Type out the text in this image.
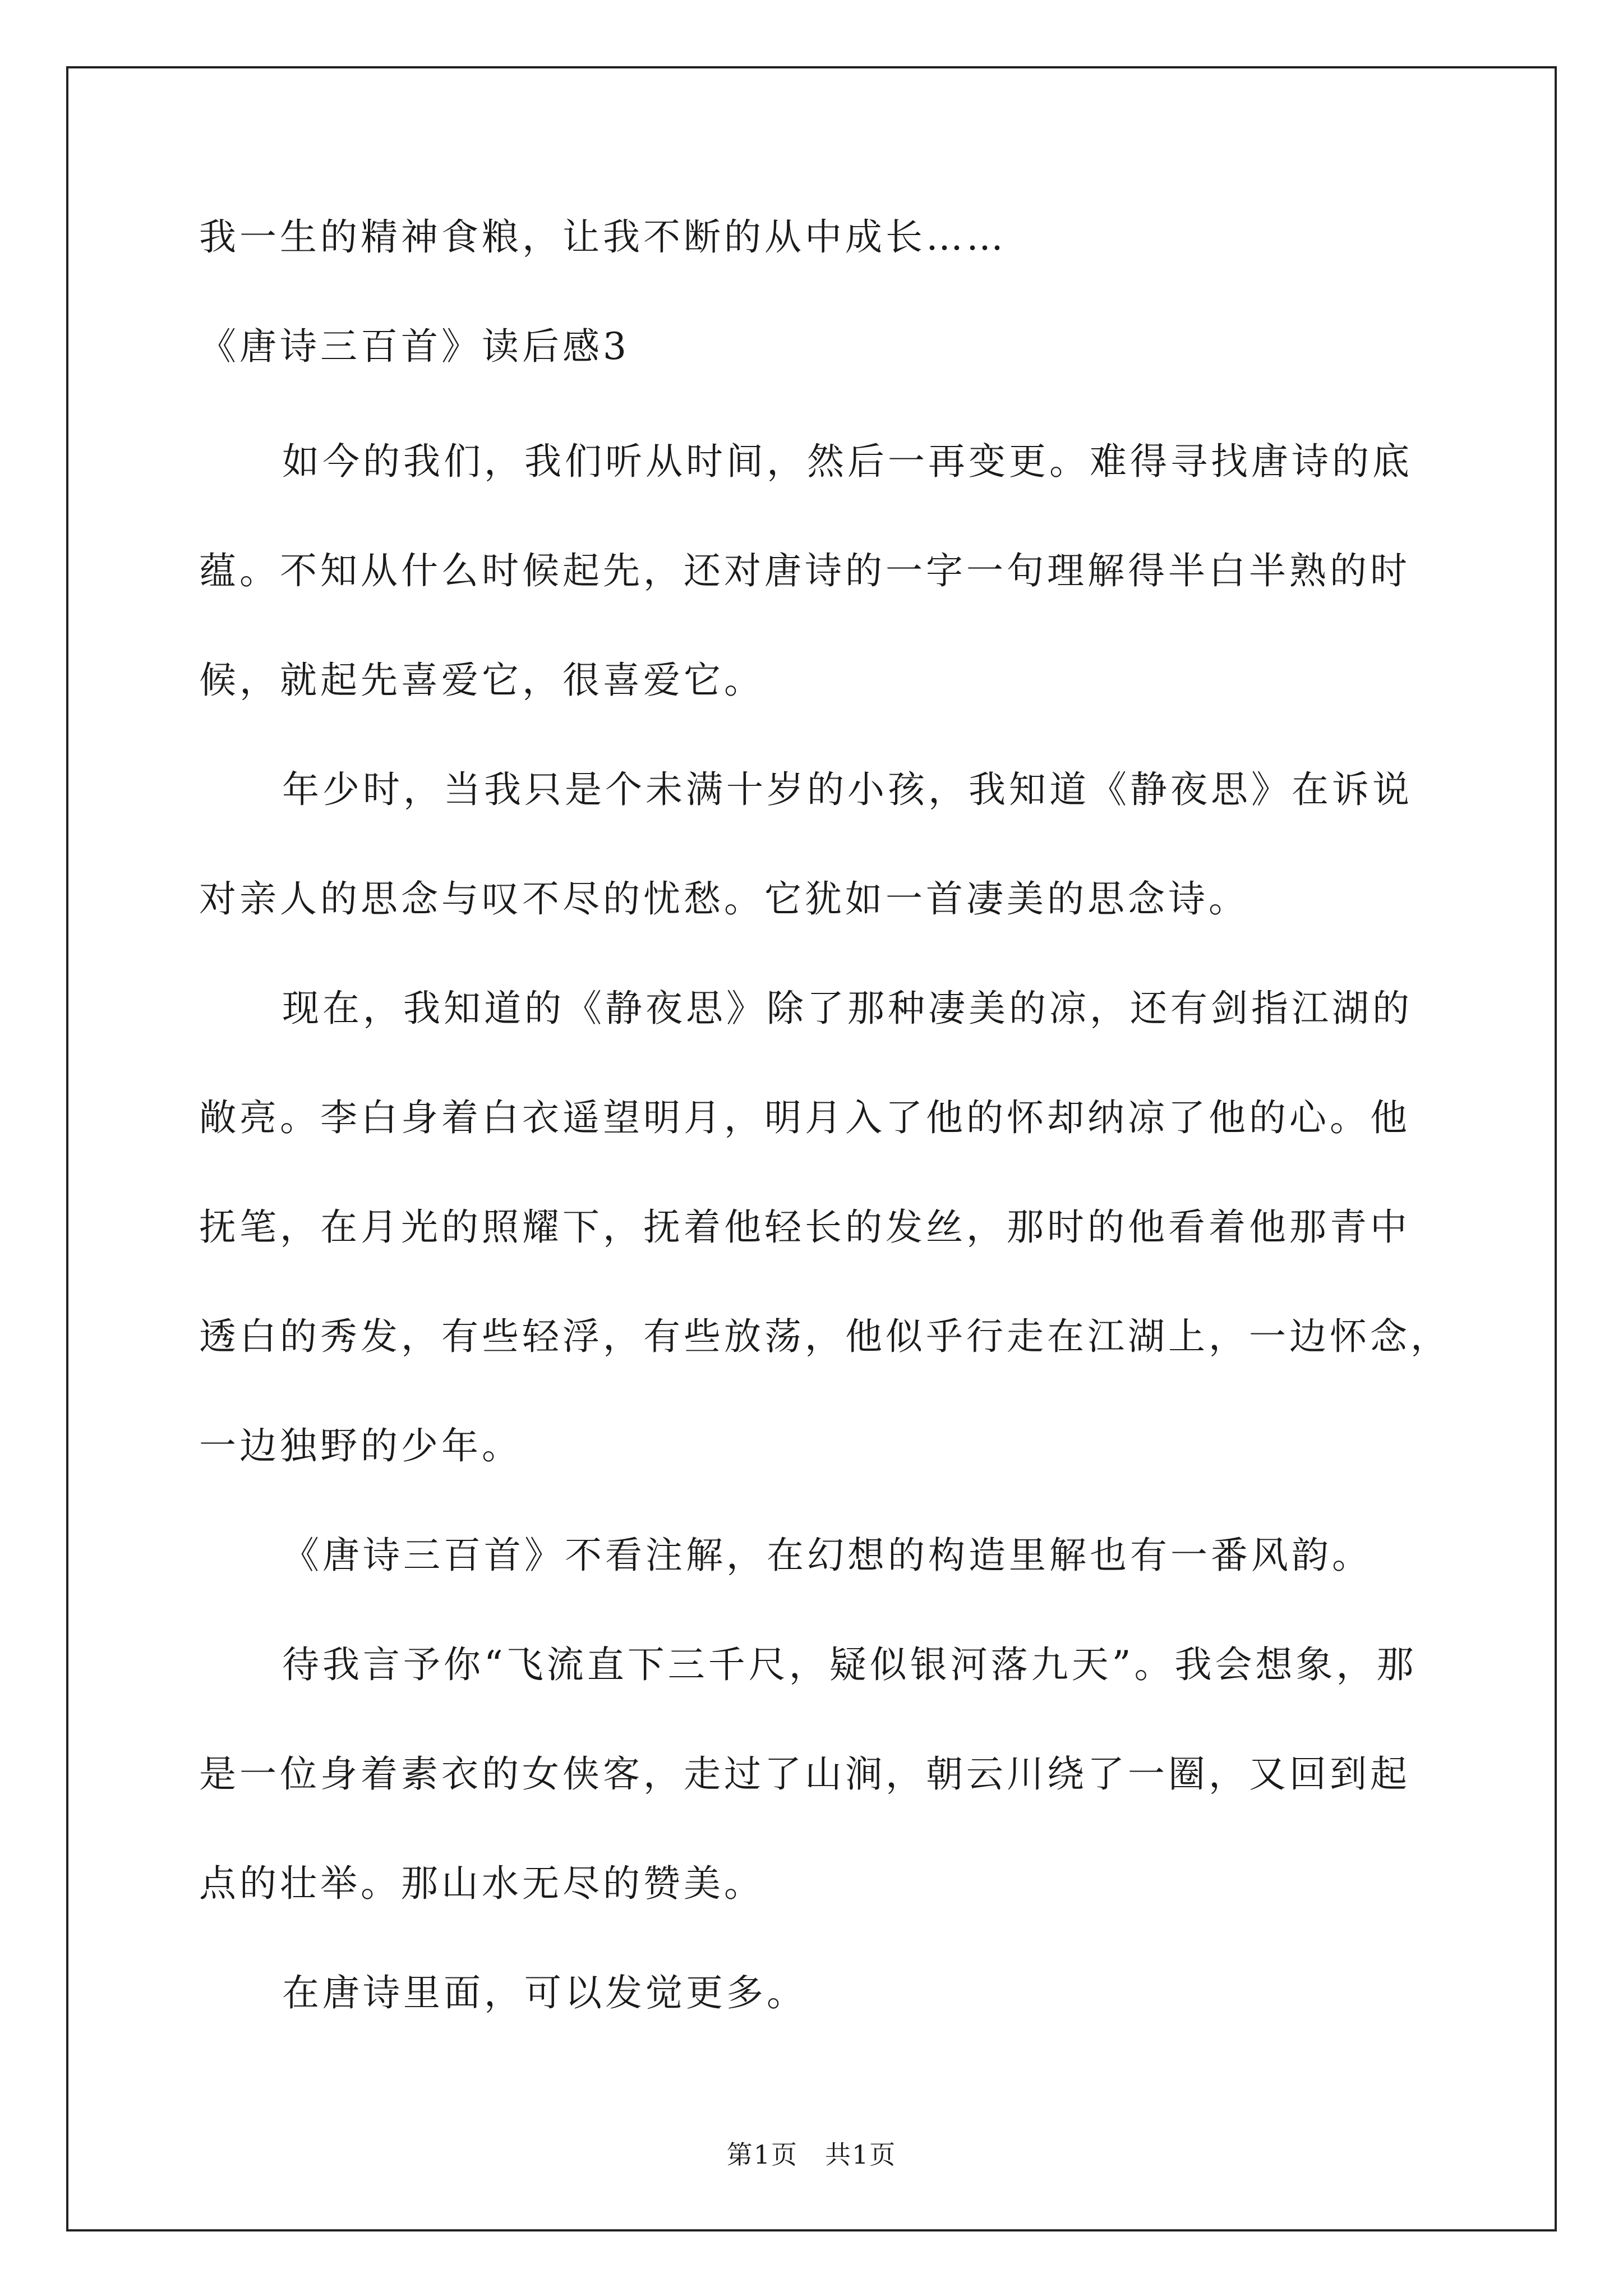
我一生的精神食粮，让我不断的从中成长……
《唐诗三百首》读后感3
如今的我们，我们听从时间，然后一再变更。难得寻找唐诗的底
蕴。不知从什么时候起先，还对唐诗的一字一句理解得半白半熟的时
候，就起先喜爱它，很喜爱它。
年少时，当我只是个未满十岁的小孩，我知道《静夜思》在诉说
对亲人的思念与叹不尽的忧愁。它犹如一首凄美的思念诗。
现在，我知道的《静夜思》除了那种凄美的凉，还有剑指江湖的
敞亮。李白身着白衣遥望明月，明月入了他的怀却纳凉了他的心。他
抚笔，在月光的照耀下，抚着他轻长的发丝，那时的他看着他那青中
透白的秀发，有些轻浮，有些放荡，他似乎行走在江湖上，一边怀念，
一边独野的少年。
《唐诗三百首》不看注解，在幻想的构造里解也有一番风韵。
待我言予你“飞流直下三千尺，疑似银河落九天”。我会想象，那
是一位身着素衣的女侠客，走过了山涧，朝云川绕了一圈，又回到起
点的壮举。那山水无尽的赞美。
在唐诗里面，可以发觉更多。
第1页　共1页
